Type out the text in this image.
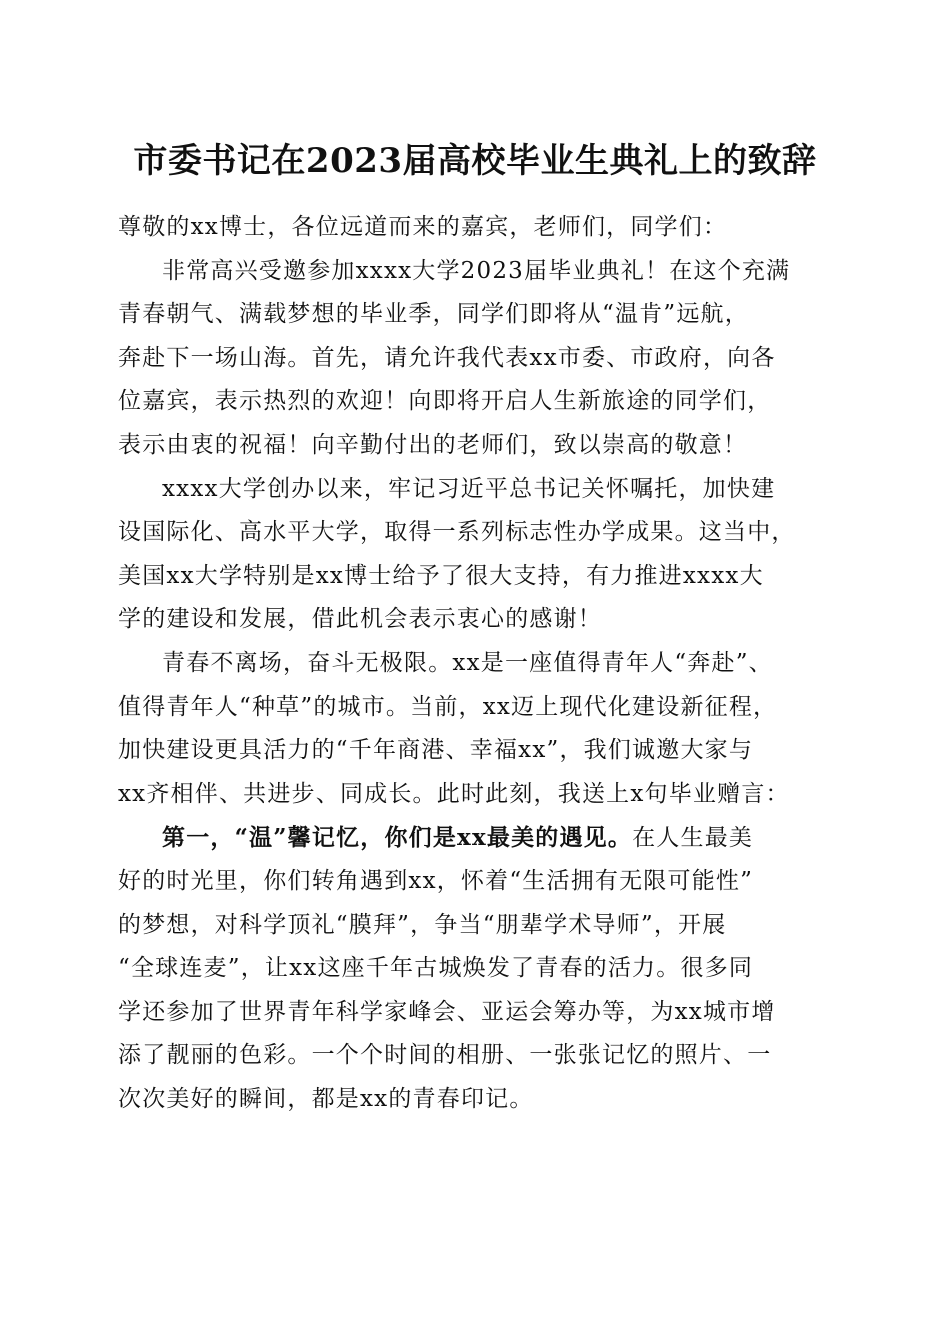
市委书记在2023届高校毕业生典礼上的致辞
尊敬的xx博士，各位远道而来的嘉宾，老师们，同学们：
非常高兴受邀参加xxxx大学2023届毕业典礼！在这个充满
青春朝气、满载梦想的毕业季，同学们即将从“温肯”远航，
奔赴下一场山海。首先，请允许我代表xx市委、市政府，向各
位嘉宾，表示热烈的欢迎！向即将开启人生新旅途的同学们，
表示由衷的祝福！向辛勤付出的老师们，致以崇高的敬意！
xxxx大学创办以来，牢记习近平总书记关怀嘱托，加快建
设国际化、高水平大学，取得一系列标志性办学成果。这当中，
美国xx大学特别是xx博士给予了很大支持，有力推进xxxx大
学的建设和发展，借此机会表示衷心的感谢！
青春不离场，奋斗无极限。xx是一座值得青年人“奔赴”、
值得青年人“种草”的城市。当前，xx迈上现代化建设新征程，
加快建设更具活力的“千年商港、幸福xx”，我们诚邀大家与
xx齐相伴、共进步、同成长。此时此刻，我送上x句毕业赠言：
第一，“温”馨记忆，你们是xx最美的遇见。在人生最美
好的时光里，你们转角遇到xx，怀着“生活拥有无限可能性”
的梦想，对科学顶礼“膜拜”，争当“朋辈学术导师”，开展
“全球连麦”，让xx这座千年古城焕发了青春的活力。很多同
学还参加了世界青年科学家峰会、亚运会筹办等，为xx城市增
添了靓丽的色彩。一个个时间的相册、一张张记忆的照片、一
次次美好的瞬间，都是xx的青春印记。
